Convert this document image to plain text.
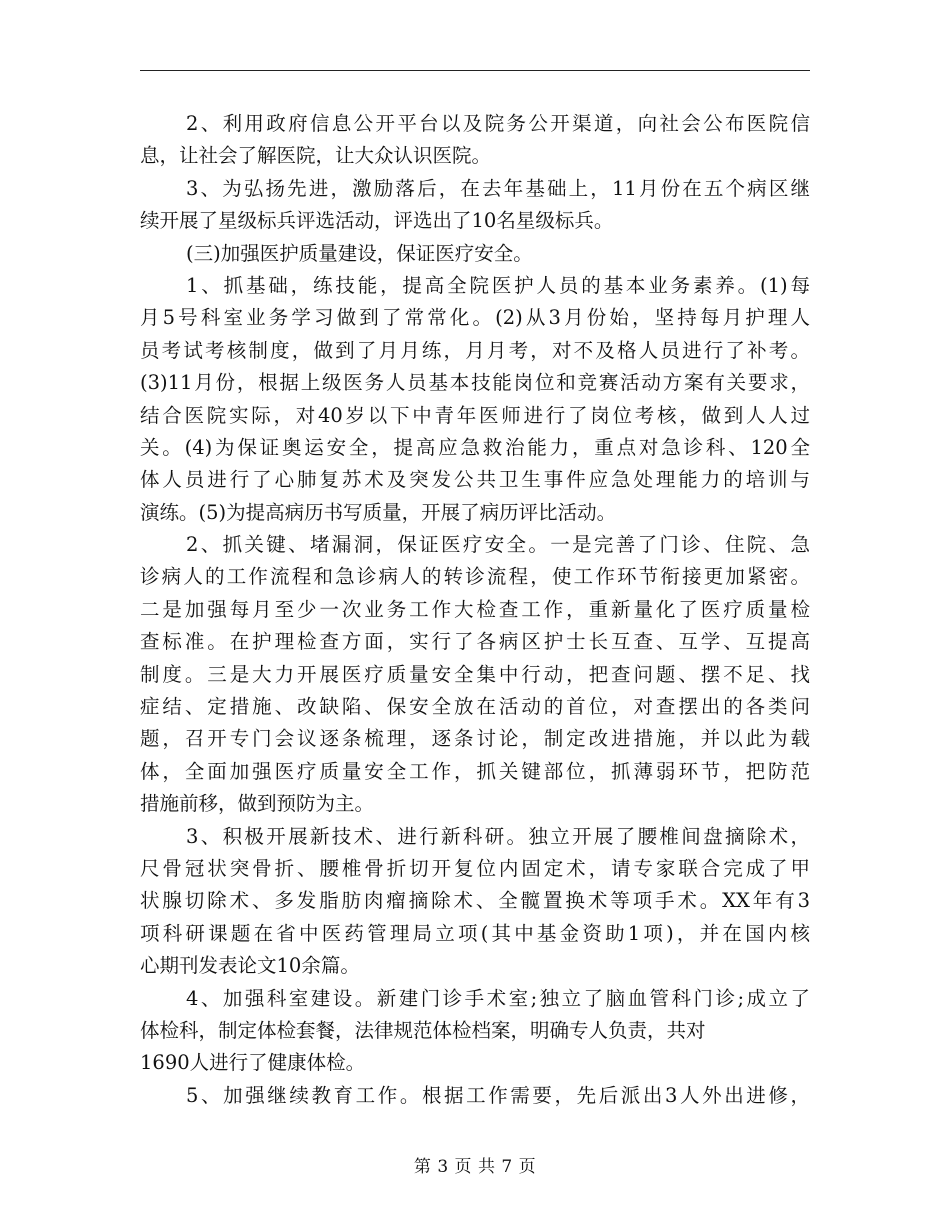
2、利用政府信息公开平台以及院务公开渠道，向社会公布医院信
息，让社会了解医院，让大众认识医院。
3、为弘扬先进，激励落后，在去年基础上，11月份在五个病区继
续开展了星级标兵评选活动，评选出了10名星级标兵。
(三)加强医护质量建设，保证医疗安全。
1、抓基础，练技能，提高全院医护人员的基本业务素养。(1)每
月5号科室业务学习做到了常常化。(2)从3月份始，坚持每月护理人
员考试考核制度，做到了月月练，月月考，对不及格人员进行了补考。
(3)11月份，根据上级医务人员基本技能岗位和竞赛活动方案有关要求，
结合医院实际，对40岁以下中青年医师进行了岗位考核，做到人人过
关。(4)为保证奥运安全，提高应急救治能力，重点对急诊科、120全
体人员进行了心肺复苏术及突发公共卫生事件应急处理能力的培训与
演练。(5)为提高病历书写质量，开展了病历评比活动。
2、抓关键、堵漏洞，保证医疗安全。一是完善了门诊、住院、急
诊病人的工作流程和急诊病人的转诊流程，使工作环节衔接更加紧密。
二是加强每月至少一次业务工作大检查工作，重新量化了医疗质量检
查标准。在护理检查方面，实行了各病区护士长互查、互学、互提高
制度。三是大力开展医疗质量安全集中行动，把查问题、摆不足、找
症结、定措施、改缺陷、保安全放在活动的首位，对查摆出的各类问
题，召开专门会议逐条梳理，逐条讨论，制定改进措施，并以此为载
体，全面加强医疗质量安全工作，抓关键部位，抓薄弱环节，把防范
措施前移，做到预防为主。
3、积极开展新技术、进行新科研。独立开展了腰椎间盘摘除术，
尺骨冠状突骨折、腰椎骨折切开复位内固定术，请专家联合完成了甲
状腺切除术、多发脂肪肉瘤摘除术、全髋置换术等项手术。XX年有3
项科研课题在省中医药管理局立项(其中基金资助1项)，并在国内核
心期刊发表论文10余篇。
4、加强科室建设。新建门诊手术室;独立了脑血管科门诊;成立了
体检科，制定体检套餐，法律规范体检档案，明确专人负责，共对
1690人进行了健康体检。
5、加强继续教育工作。根据工作需要，先后派出3人外出进修，
第 3 页 共 7 页
